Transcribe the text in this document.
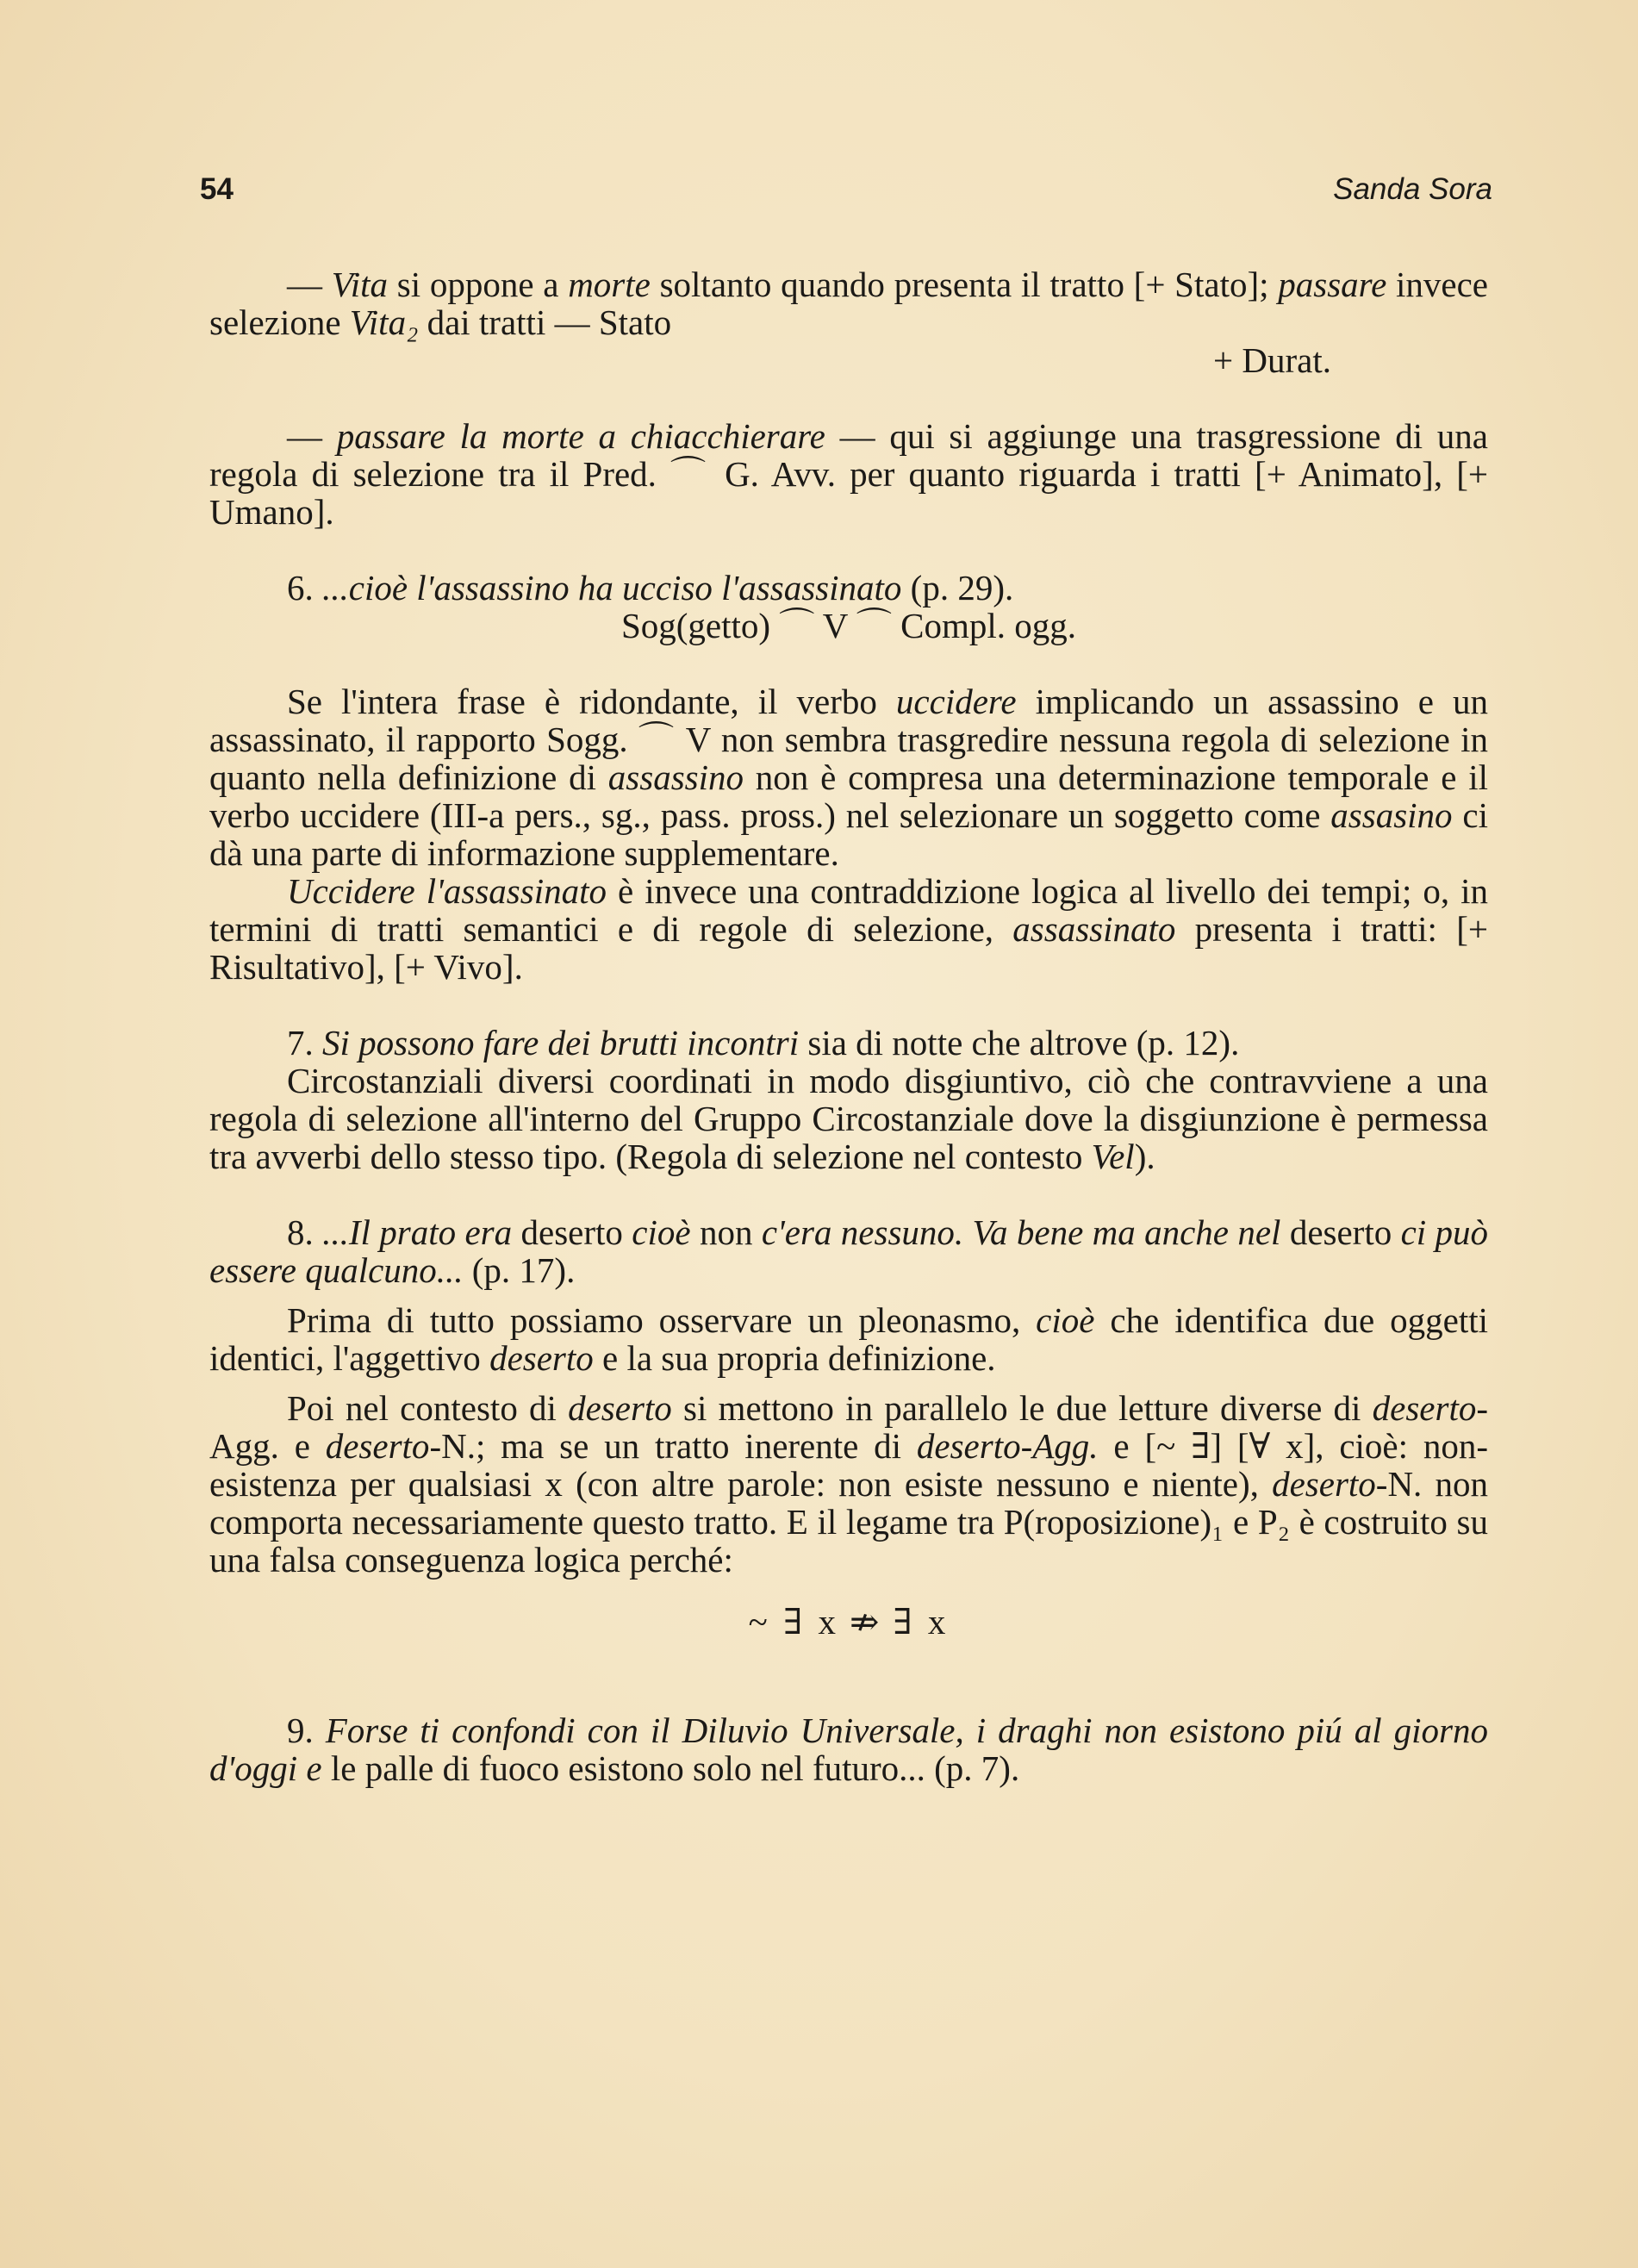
54	Sanda Sora

— Vita si oppone a morte soltanto quando presenta il tratto [+ Stato]; passare invece selezione Vita₂ dai tratti — Stato

+ Durat.

— passare la morte a chiacchierare — qui si aggiunge una trasgressione di una regola di selezione tra il Pred. ⌒ G. Avv. per quanto riguarda i tratti [+ Animato], [+ Umano].

6. ...cioè l'assassino ha ucciso l'assassinato (p. 29).

Sog(getto) ⌒ V ⌒ Compl. ogg.

Se l'intera frase è ridondante, il verbo uccidere implicando un assassino e un assassinato, il rapporto Sogg. ⌒ V non sembra trasgredire nessuna regola di selezione in quanto nella definizione di assassino non è compresa una determinazione temporale e il verbo uccidere (III-a pers., sg., pass. pross.) nel selezionare un soggetto come assasino ci dà una parte di informazione supplementare.

Uccidere l'assassinato è invece una contraddizione logica al livello dei tempi; o, in termini di tratti semantici e di regole di selezione, assassinato presenta i tratti: [+ Risultativo], [+ Vivo].

7. Si possono fare dei brutti incontri sia di notte che altrove (p. 12).

Circostanziali diversi coordinati in modo disgiuntivo, ciò che contravviene a una regola di selezione all'interno del Gruppo Circostanziale dove la disgiunzione è permessa tra avverbi dello stesso tipo. (Regola di selezione nel contesto Vel).

8. ...Il prato era deserto cioè non c'era nessuno. Va bene ma anche nel deserto ci può essere qualcuno... (p. 17).

Prima di tutto possiamo osservare un pleonasmo, cioè che identifica due oggetti identici, l'aggettivo deserto e la sua propria definizione.

Poi nel contesto di deserto si mettono in parallelo le due letture diverse di deserto-Agg. e deserto-N.; ma se un tratto inerente di deserto-Agg. e [~ ∃] [∀ x], cioè: non-esistenza per qualsiasi x (con altre parole: non esiste nessuno e niente), deserto-N. non comporta necessariamente questo tratto. E il legame tra P(roposizione)₁ e P₂ è costruito su una falsa conseguenza logica perché:

~ ∃ x ⇏ ∃ x

9. Forse ti confondi con il Diluvio Universale, i draghi non esistono piú al giorno d'oggi e le palle di fuoco esistono solo nel futuro... (p. 7).
